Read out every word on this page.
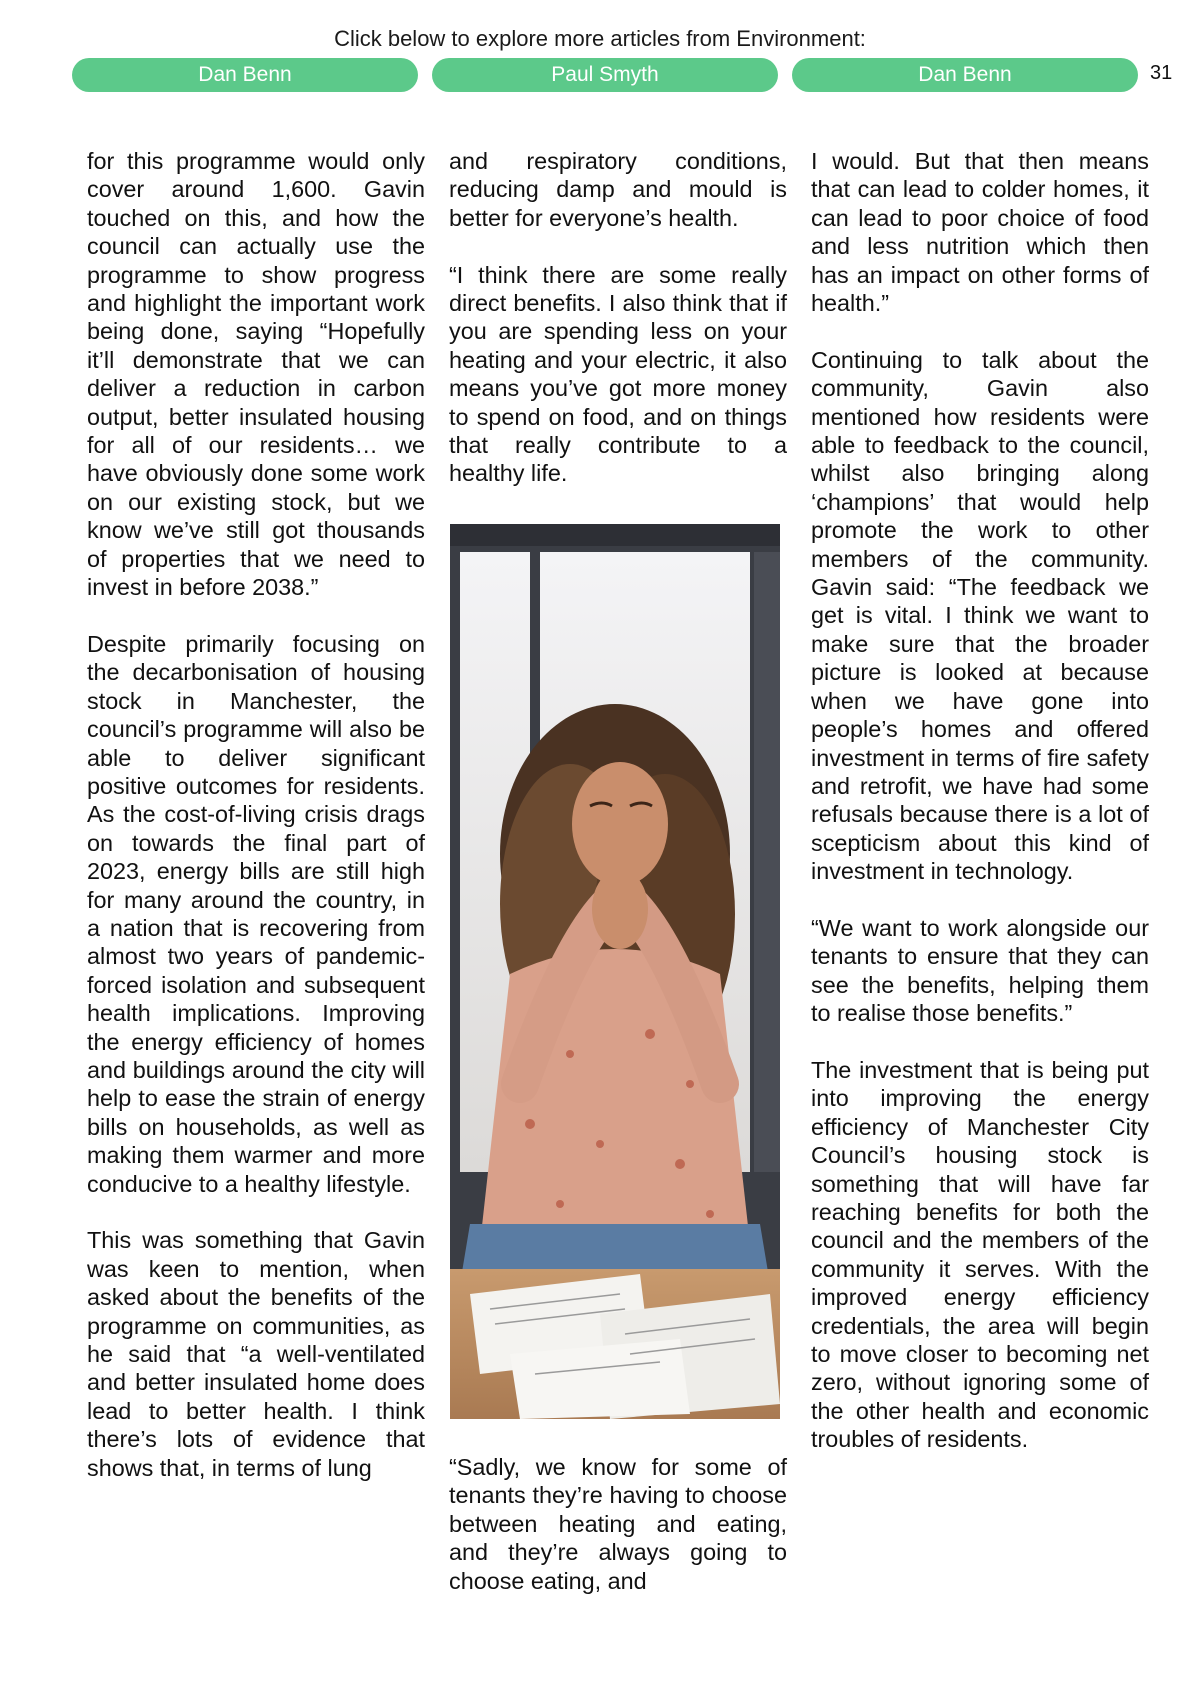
Click below to explore more articles from Environment:
Dan Benn	Paul Smyth	Dan Benn	31

for this programme would only cover around 1,600. Gavin touched on this, and how the council can actually use the programme to show progress and highlight the important work being done, saying “Hopefully it’ll demonstrate that we can deliver a reduction in carbon output, better insulated housing for all of our residents… we have obviously done some work on our existing stock, but we know we’ve still got thousands of properties that we need to invest in before 2038.”

Despite primarily focusing on the decarbonisation of housing stock in Manchester, the council’s programme will also be able to deliver significant positive outcomes for residents. As the cost-of-living crisis drags on towards the final part of 2023, energy bills are still high for many around the country, in a nation that is recovering from almost two years of pandemic-forced isolation and subsequent health implications. Improving the energy efficiency of homes and buildings around the city will help to ease the strain of energy bills on households, as well as making them warmer and more conducive to a healthy lifestyle.

This was something that Gavin was keen to mention, when asked about the benefits of the programme on communities, as he said that “a well-ventilated and better insulated home does lead to better health. I think there’s lots of evidence that shows that, in terms of lung

and respiratory conditions, reducing damp and mould is better for everyone’s health.

“I think there are some really direct benefits. I also think that if you are spending less on your heating and your electric, it also means you’ve got more money to spend on food, and on things that really contribute to a healthy life.

“Sadly, we know for some of tenants they’re having to choose between heating and eating, and they’re always going to choose eating, and

I would. But that then means that can lead to colder homes, it can lead to poor choice of food and less nutrition which then has an impact on other forms of health.”

Continuing to talk about the community, Gavin also mentioned how residents were able to feedback to the council, whilst also bringing along ‘champions’ that would help promote the work to other members of the community. Gavin said: “The feedback we get is vital. I think we want to make sure that the broader picture is looked at because when we have gone into people’s homes and offered investment in terms of fire safety and retrofit, we have had some refusals because there is a lot of scepticism about this kind of investment in technology.

“We want to work alongside our tenants to ensure that they can see the benefits, helping them to realise those benefits.”

The investment that is being put into improving the energy efficiency of Manchester City Council’s housing stock is something that will have far reaching benefits for both the council and the members of the community it serves. With the improved energy efficiency credentials, the area will begin to move closer to becoming net zero, without ignoring some of the other health and economic troubles of residents.
